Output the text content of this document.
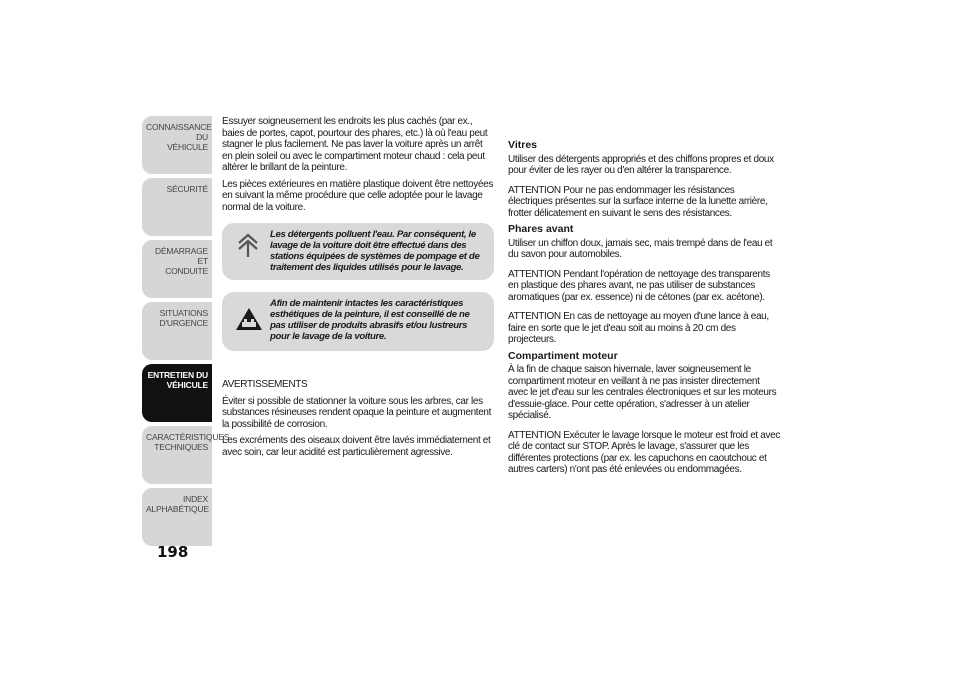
CONNAISSANCE DU
VÉHICULE
SÉCURITÉ
DÉMARRAGE ET
CONDUITE
SITUATIONS
D'URGENCE
ENTRETIEN DU
VÉHICULE
CARACTÉRISTIQUES
TECHNIQUES
INDEX
ALPHABÉTIQUE
198

Essuyer soigneusement les endroits les plus cachés (par ex., baies de portes, capot, pourtour des phares, etc.) là où l'eau peut stagner le plus facilement. Ne pas laver la voiture après un arrêt en plein soleil ou avec le compartiment moteur chaud : cela peut altérer le brillant de la peinture.

Les pièces extérieures en matière plastique doivent être nettoyées en suivant la même procédure que celle adoptée pour le lavage normal de la voiture.

Les détergents polluent l'eau. Par conséquent, le lavage de la voiture doit être effectué dans des stations équipées de systèmes de pompage et de traitement des liquides utilisés pour le lavage.
Afin de maintenir intactes les caractéristiques esthétiques de la peinture, il est conseillé de ne pas utiliser de produits abrasifs et/ou lustreurs pour le lavage de la voiture.

AVERTISSEMENTS

Éviter si possible de stationner la voiture sous les arbres, car les substances résineuses rendent opaque la peinture et augmentent la possibilité de corrosion.

Les excréments des oiseaux doivent être lavés immédiatement et avec soin, car leur acidité est particulièrement agressive.

Vitres

Utiliser des détergents appropriés et des chiffons propres et doux pour éviter de les rayer ou d'en altérer la transparence.

ATTENTION Pour ne pas endommager les résistances électriques présentes sur la surface interne de la lunette arrière, frotter délicatement en suivant le sens des résistances.

Phares avant

Utiliser un chiffon doux, jamais sec, mais trempé dans de l'eau et du savon pour automobiles.

ATTENTION Pendant l'opération de nettoyage des transparents en plastique des phares avant, ne pas utiliser de substances aromatiques (par ex. essence) ni de cétones (par ex. acétone).

ATTENTION En cas de nettoyage au moyen d'une lance à eau, faire en sorte que le jet d'eau soit au moins à 20 cm des projecteurs.

Compartiment moteur

À la fin de chaque saison hivernale, laver soigneusement le compartiment moteur en veillant à ne pas insister directement avec le jet d'eau sur les centrales électroniques et sur les moteurs d'essuie-glace. Pour cette opération, s'adresser à un atelier spécialisé.

ATTENTION Exécuter le lavage lorsque le moteur est froid et avec clé de contact sur STOP. Après le lavage, s'assurer que les différentes protections (par ex. les capuchons en caoutchouc et autres carters) n'ont pas été enlevées ou endommagées.
